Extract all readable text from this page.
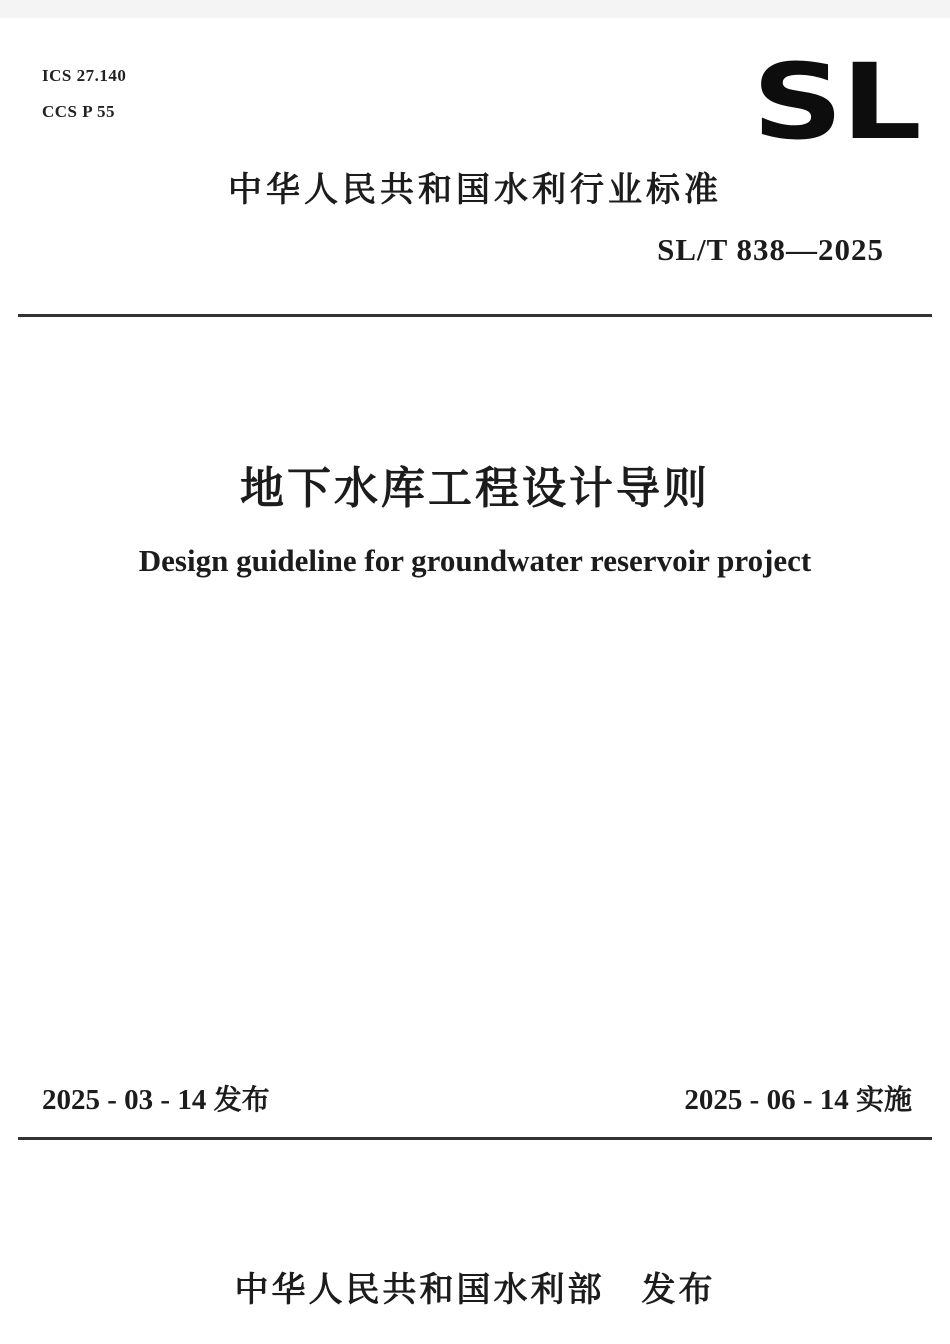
ICS 27.140
CCS P 55	SL
中华人民共和国水利行业标准
SL/T 838—2025
地下水库工程设计导则
Design guideline for groundwater reservoir project
2025 - 03 - 14 发布	2025 - 06 - 14 实施
中华人民共和国水利部　发布
